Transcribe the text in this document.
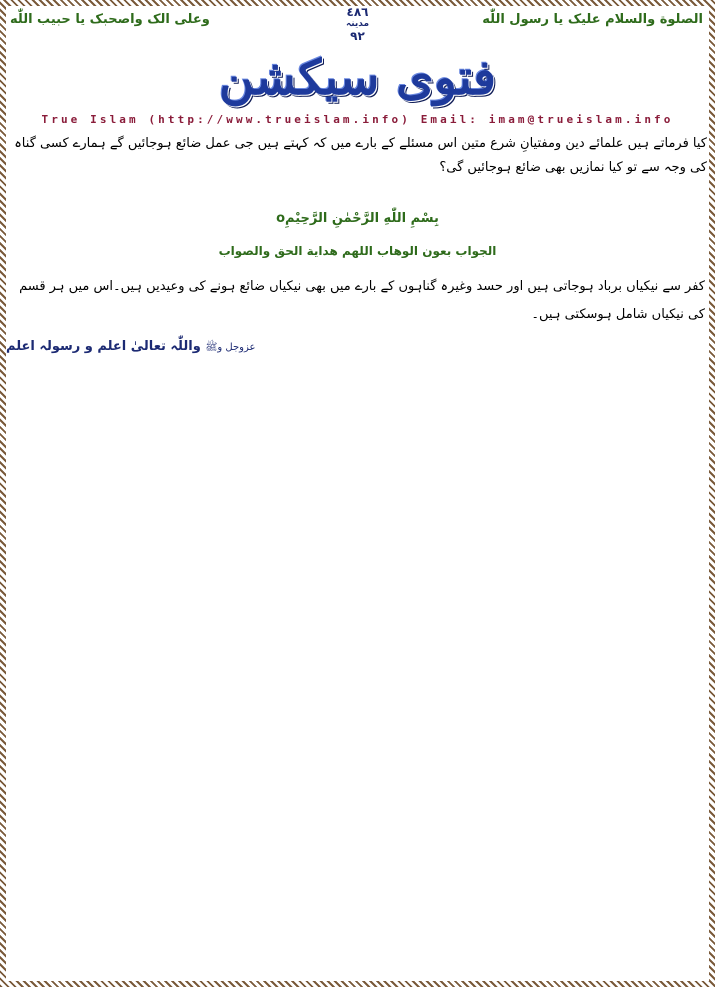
الصلوة والسلام عليک يا رسول اللّٰه
٤٨٦
مدینہ
٩٢
وعلی الک واصحبک يا حبيب اللّٰه
فتوی سیکشن
True Islam (http://www.trueislam.info) Email: imam@trueislam.info
کیا فرماتے ہیں علمائے دین ومفتیانِ شرع متین اس مسئلے کے بارے میں کہ کہتے ہیں جی عمل ضائع ہوجائیں گے ہمارے کسی گناہ کی وجہ سے تو کیا نمازیں بھی ضائع ہوجائیں گی؟
بِسْمِ اللّٰهِ الرَّحْمٰنِ الرَّحِيْمِo
الجواب بعون الوهاب اللهم هداية الحق والصواب
کفر سے نیکیاں برباد ہوجاتی ہیں اور حسد وغیرہ گناہوں کے بارے میں بھی نیکیاں ضائع ہونے کی وعیدیں ہیں۔اس میں ہر قسم کی نیکیاں شامل ہوسکتی ہیں۔
عزوجل وﷺ واللّٰہ تعالیٰ اعلم و رسولہ اعلم
